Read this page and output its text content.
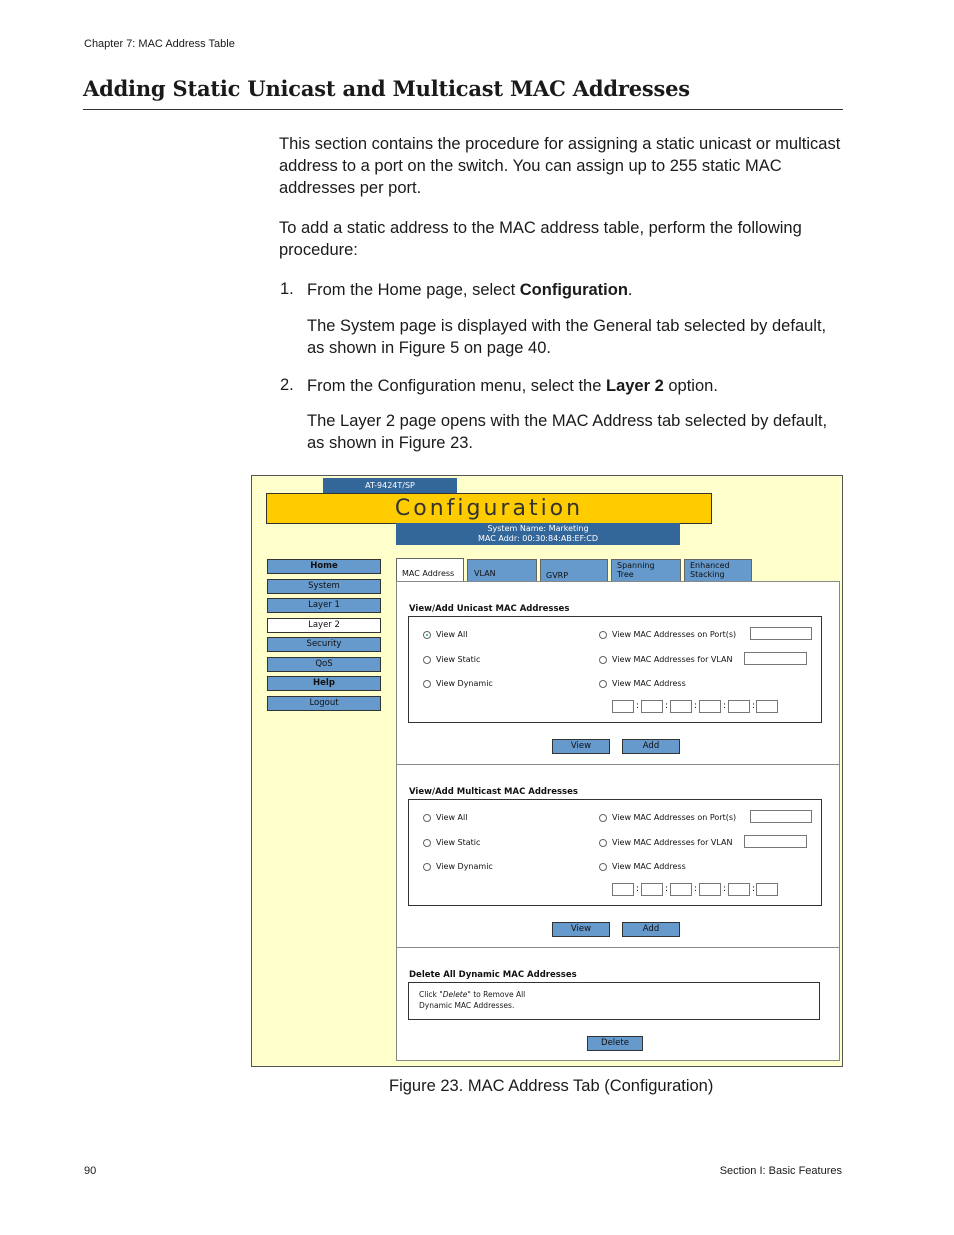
Chapter 7: MAC Address Table
Adding Static Unicast and Multicast MAC Addresses
This section contains the procedure for assigning a static unicast or multicast address to a port on the switch. You can assign up to 255 static MAC addresses per port.
To add a static address to the MAC address table, perform the following procedure:
1. From the Home page, select Configuration.
The System page is displayed with the General tab selected by default, as shown in Figure 5 on page 40.
2. From the Configuration menu, select the Layer 2 option.
The Layer 2 page opens with the MAC Address tab selected by default, as shown in Figure 23.
AT-9424T/SP
Configuration
System Name: Marketing
MAC Addr: 00:30:84:AB:EF:CD
Home
System
Layer 1
Layer 2
Security
QoS
Help
Logout
MAC Address	VLAN	GVRP
Spanning Tree
Enhanced Stacking
View/Add Unicast MAC Addresses
View All
View Static
View Dynamic
View MAC Addresses on Port(s)
View MAC Addresses for VLAN
View MAC Address
:	:	:	:	:
View	Add
View/Add Multicast MAC Addresses
View All
View Static
View Dynamic
View MAC Addresses on Port(s)
View MAC Addresses for VLAN
View MAC Address
:	:	:	:	:
View	Add
Delete All Dynamic MAC Addresses
Click "Delete" to Remove All
Dynamic MAC Addresses.
Delete
Figure 23. MAC Address Tab (Configuration)
90	Section I: Basic Features
